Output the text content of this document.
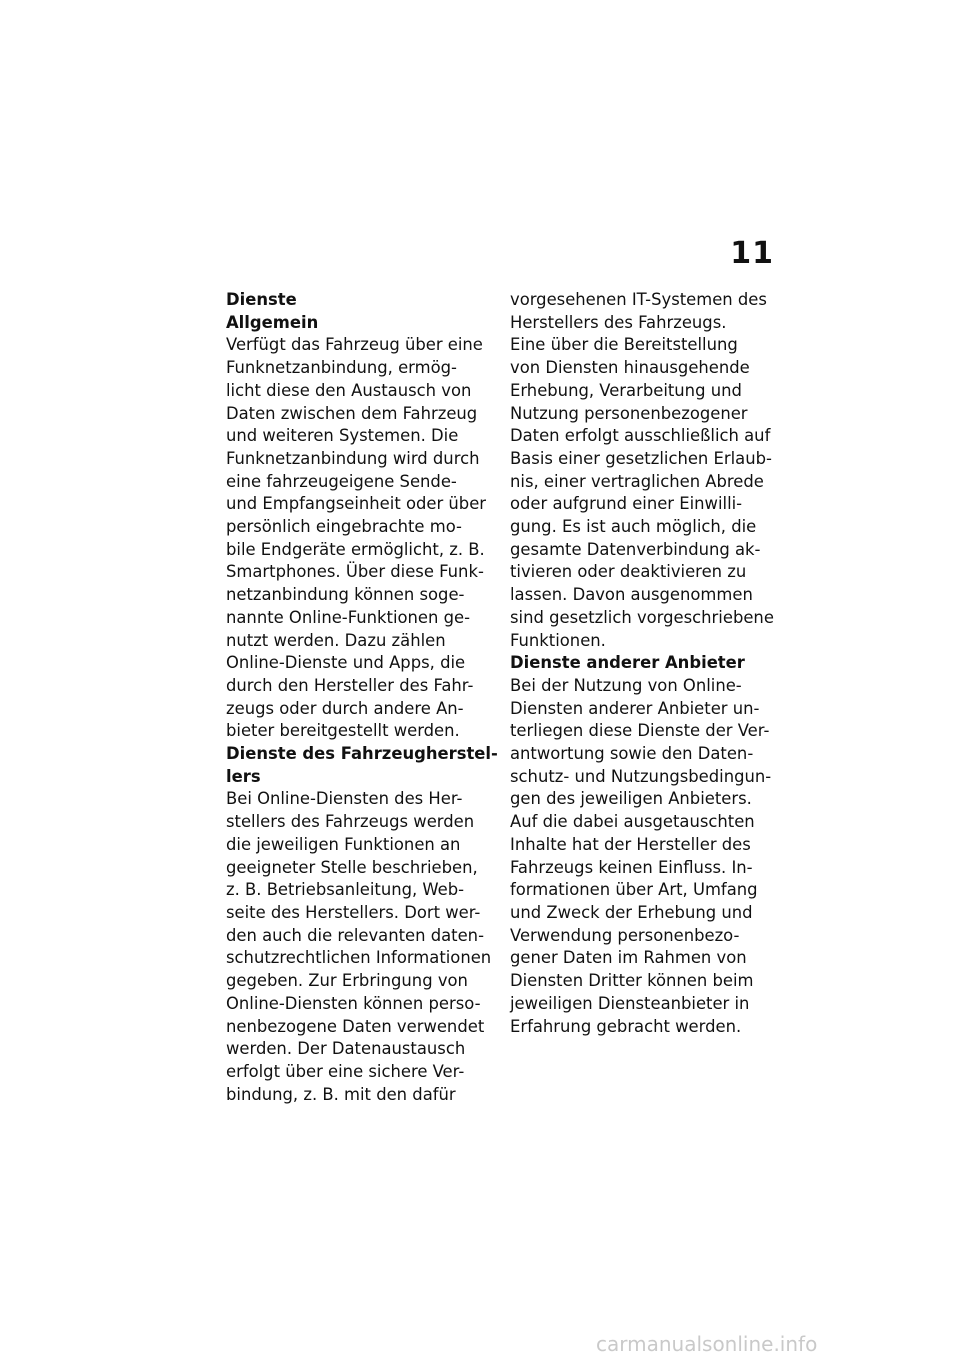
11
Dienste
Allgemein
Verfügt das Fahrzeug über eine
Funknetzanbindung, ermög-
licht diese den Austausch von
Daten zwischen dem Fahrzeug
und weiteren Systemen. Die
Funknetzanbindung wird durch
eine fahrzeugeigene Sende-
und Empfangseinheit oder über
persönlich eingebrachte mo-
bile Endgeräte ermöglicht, z. B.
Smartphones. Über diese Funk-
netzanbindung können soge-
nannte Online-Funktionen ge-
nutzt werden. Dazu zählen
Online-Dienste und Apps, die
durch den Hersteller des Fahr-
zeugs oder durch andere An-
bieter bereitgestellt werden.
Dienste des Fahrzeugherstel-
lers
Bei Online-Diensten des Her-
stellers des Fahrzeugs werden
die jeweiligen Funktionen an
geeigneter Stelle beschrieben,
z. B. Betriebsanleitung, Web-
seite des Herstellers. Dort wer-
den auch die relevanten daten-
schutzrechtlichen Informationen
gegeben. Zur Erbringung von
Online-Diensten können perso-
nenbezogene Daten verwendet
werden. Der Datenaustausch
erfolgt über eine sichere Ver-
bindung, z. B. mit den dafür
vorgesehenen IT-Systemen des
Herstellers des Fahrzeugs.
Eine über die Bereitstellung
von Diensten hinausgehende
Erhebung, Verarbeitung und
Nutzung personenbezogener
Daten erfolgt ausschließlich auf
Basis einer gesetzlichen Erlaub-
nis, einer vertraglichen Abrede
oder aufgrund einer Einwilli-
gung. Es ist auch möglich, die
gesamte Datenverbindung ak-
tivieren oder deaktivieren zu
lassen. Davon ausgenommen
sind gesetzlich vorgeschriebene
Funktionen.
Dienste anderer Anbieter
Bei der Nutzung von Online-
Diensten anderer Anbieter un-
terliegen diese Dienste der Ver-
antwortung sowie den Daten-
schutz- und Nutzungsbedingun-
gen des jeweiligen Anbieters.
Auf die dabei ausgetauschten
Inhalte hat der Hersteller des
Fahrzeugs keinen Einfluss. In-
formationen über Art, Umfang
und Zweck der Erhebung und
Verwendung personenbezo-
gener Daten im Rahmen von
Diensten Dritter können beim
jeweiligen Diensteanbieter in
Erfahrung gebracht werden.
carmanualsonline.info
